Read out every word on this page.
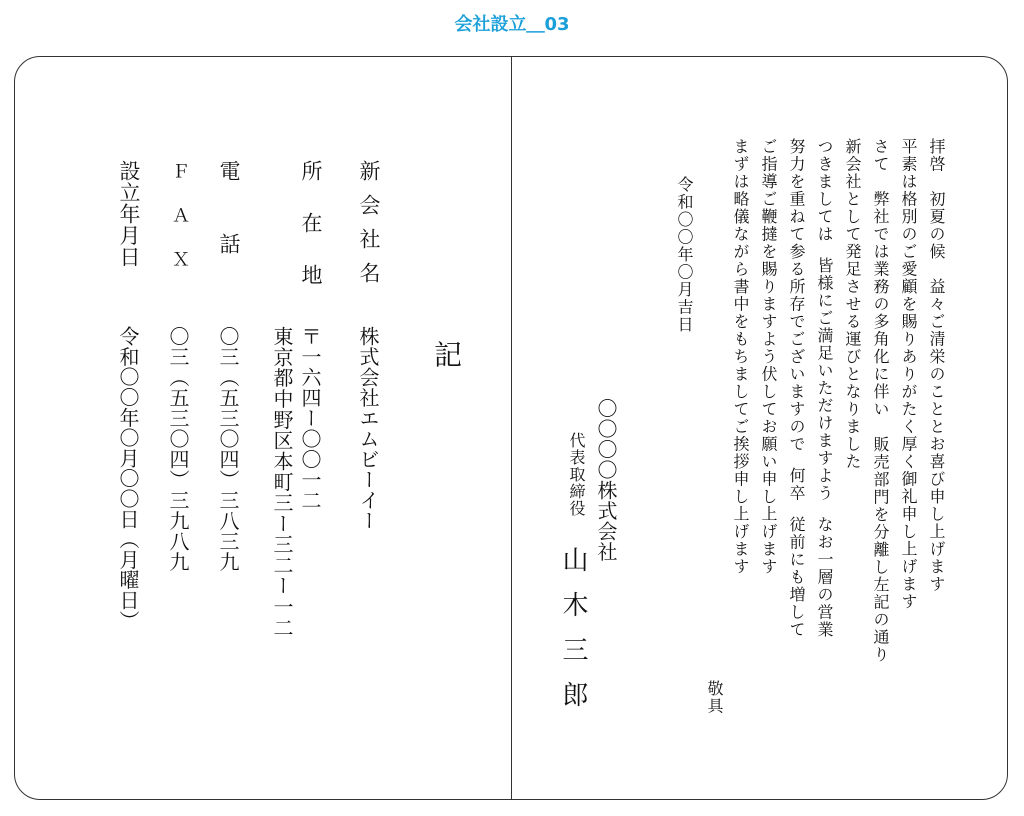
会社設立＿03
拝啓　初夏の候　益々ご清栄のこととお喜び申し上げます
平素は格別のご愛顧を賜りありがたく厚く御礼申し上げます
さて　弊社では業務の多角化に伴い販売部門を分離し左記の通り
新会社として発足させる運びとなりました
つきましては皆様にご満足いただけますようなお一層の営業
努力を重ねて参る所存でございますので何卒従前にも増して
ご指導ご鞭撻を賜りますよう伏してお願い申し上げます
まずは略儀ながら書中をもちましてご挨拶申し上げます
敬具
令和〇〇年〇月吉日
〇〇〇〇株式会社
代表取締役
山木三郎
記
新会社名
株式会社エムビーイー
所在地
〒一六四ー〇〇一二
東京都中野区本町三ー三二ー一二
電話
〇三（五三〇四）三八三九
ＦＡＸ
〇三（五三〇四）三九八九
設立年月日
令和〇〇年〇月〇〇日（月曜日）
